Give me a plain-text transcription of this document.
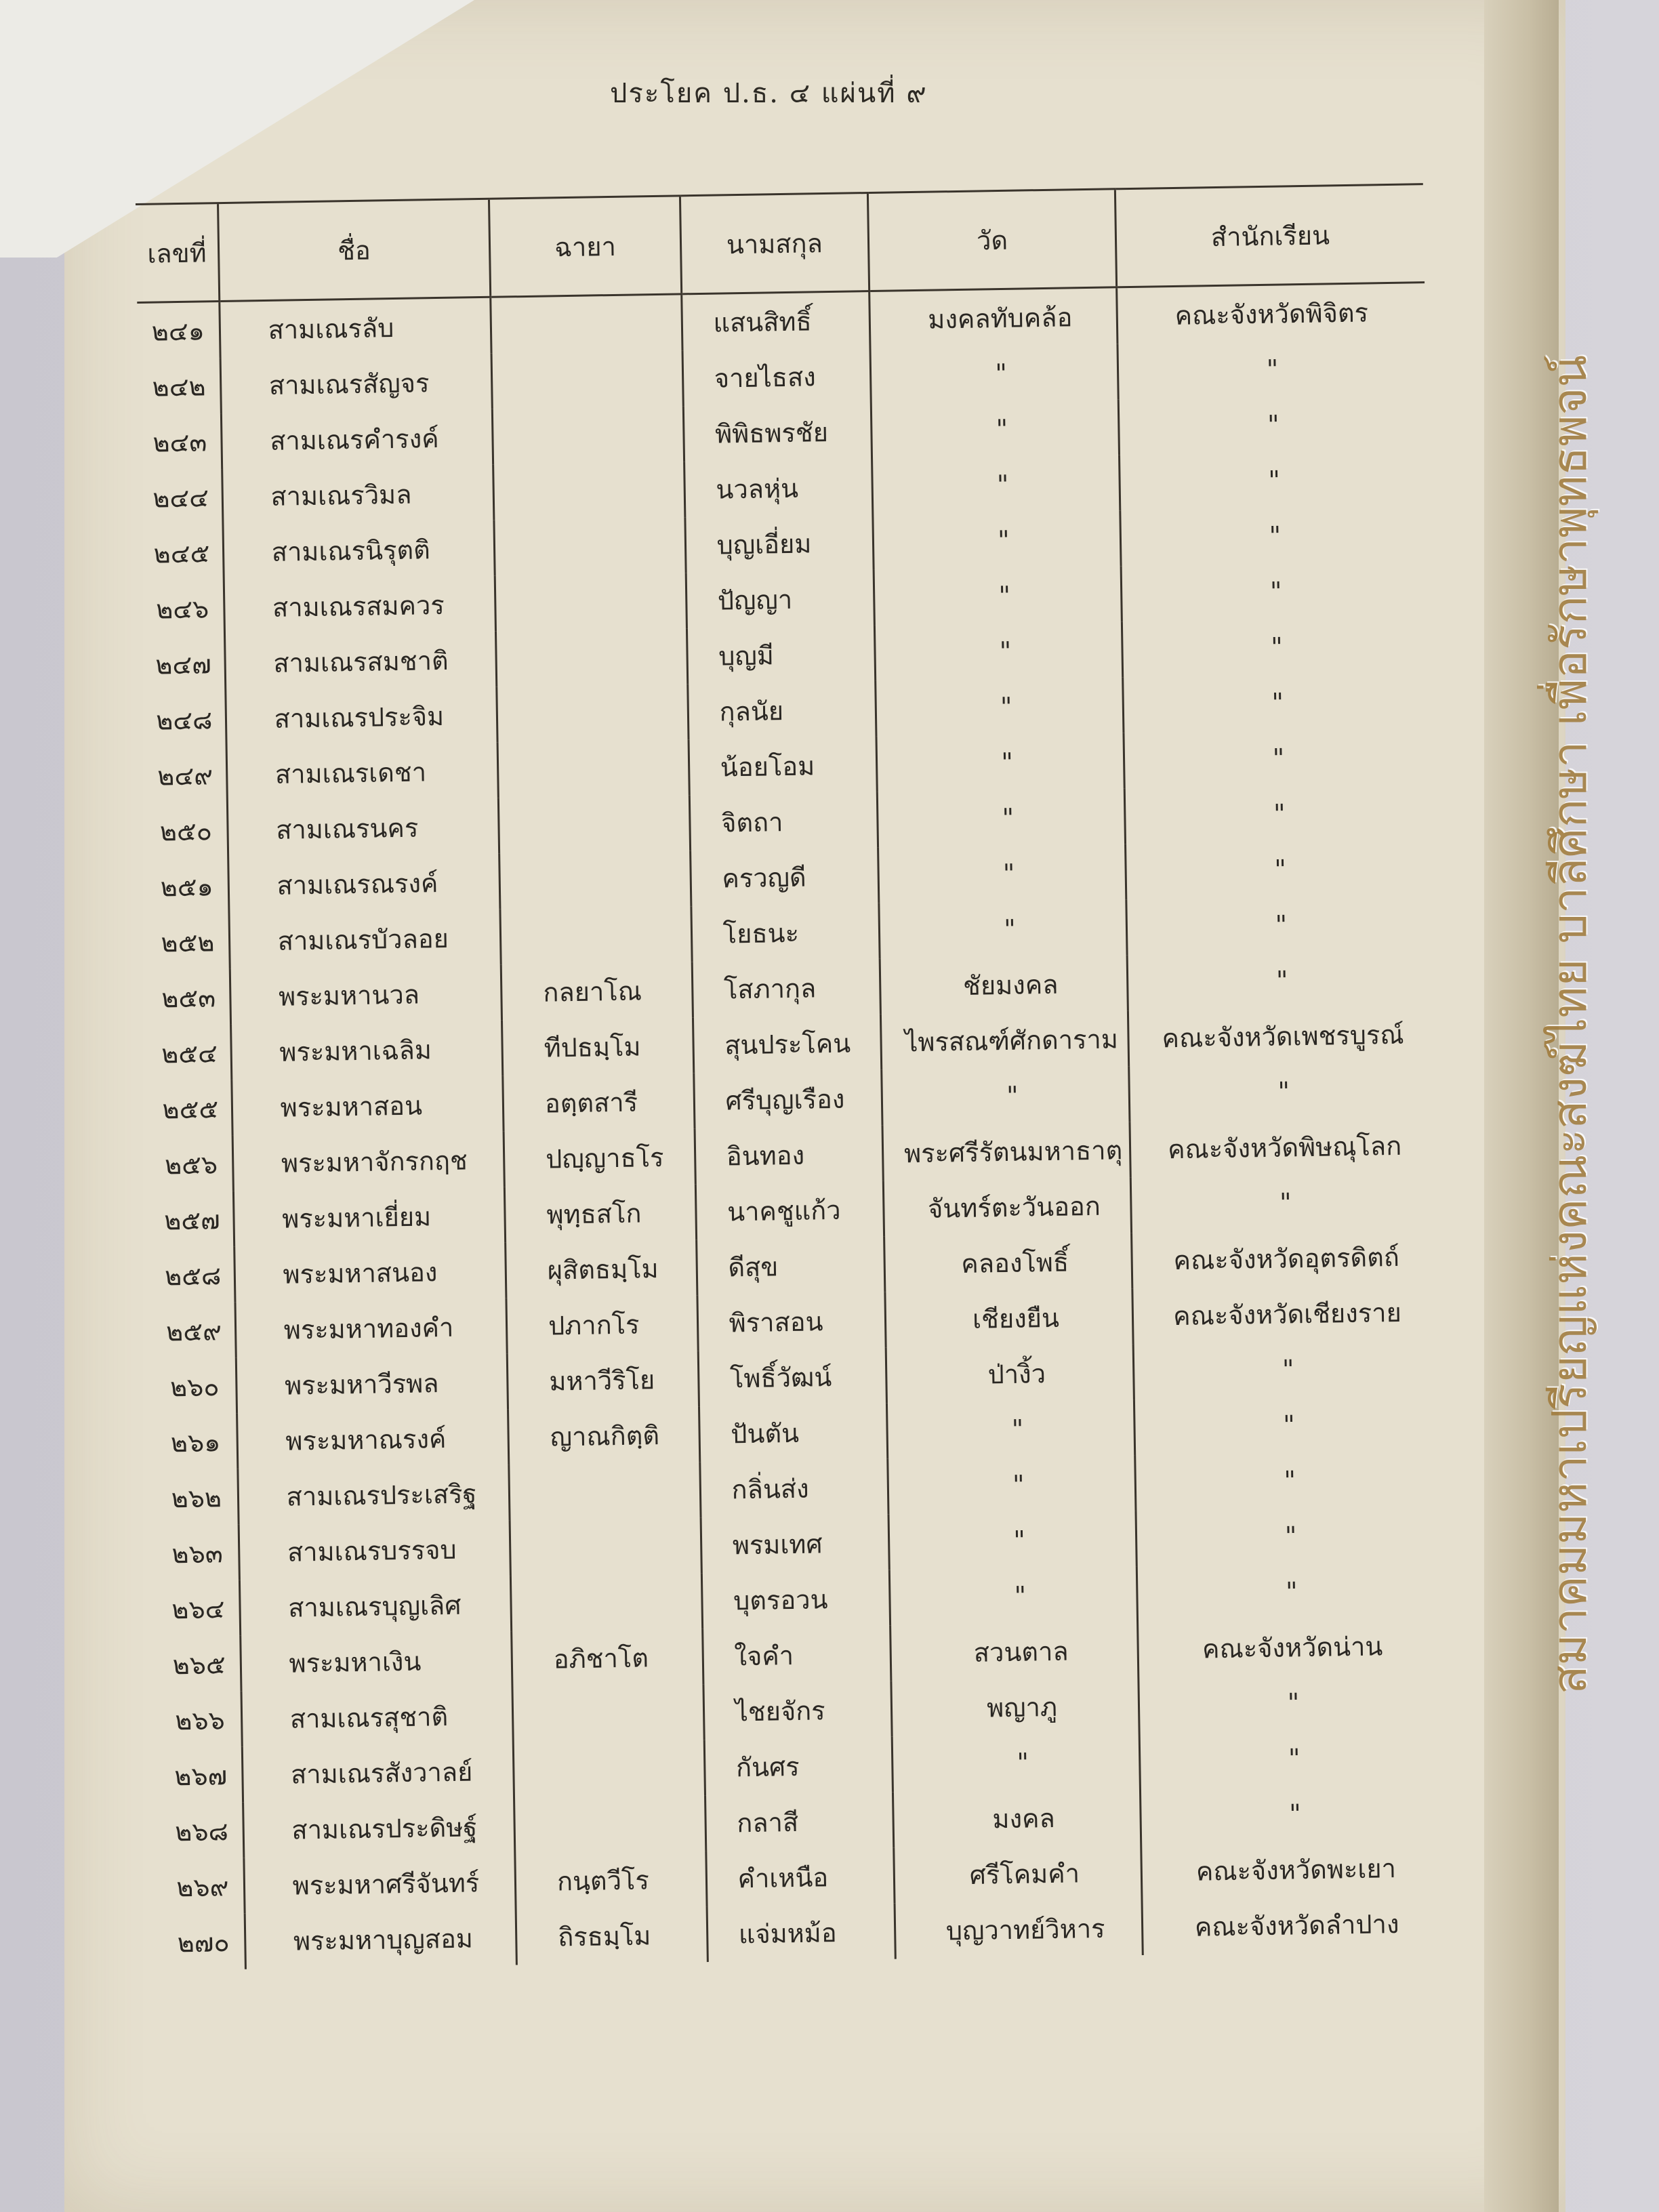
ประโยค ป.ธ. ๔ แผ่นที่ ๙
เลขที่	ชื่อ	ฉายา	นามสกุล	วัด	สำนักเรียน
๒๔๑	สามเณรลับ		แสนสิทธิ์	มงคลทับคล้อ	คณะจังหวัดพิจิตร
๒๔๒	สามเณรสัญจร		จายไธสง	"	"
๒๔๓	สามเณรคำรงค์		พิพิธพรชัย	"	"
๒๔๔	สามเณรวิมล		นวลหุ่น	"	"
๒๔๕	สามเณรนิรุตติ		บุญเอี่ยม	"	"
๒๔๖	สามเณรสมควร		ปัญญา	"	"
๒๔๗	สามเณรสมชาติ		บุญมี	"	"
๒๔๘	สามเณรประจิม		กุลนัย	"	"
๒๔๙	สามเณรเดชา		น้อยโอม	"	"
๒๕๐	สามเณรนคร		จิตถา	"	"
๒๕๑	สามเณรณรงค์		ครวญดี	"	"
๒๕๒	สามเณรบัวลอย		โยธนะ	"	"
๒๕๓	พระมหานวล	กลยาโณ	โสภากุล	ชัยมงคล	"
๒๕๔	พระมหาเฉลิม	ทีปธมฺโม	สุนประโคน	ไพรสณฑ์ศักดาราม	คณะจังหวัดเพชรบูรณ์
๒๕๕	พระมหาสอน	อตฺตสารี	ศรีบุญเรือง	"	"
๒๕๖	พระมหาจักรกฤช	ปญฺญาธโร	อินทอง	พระศรีรัตนมหาธาตุ	คณะจังหวัดพิษณุโลก
๒๕๗	พระมหาเยี่ยม	พุทฺธสโก	นาคชูแก้ว	จันทร์ตะวันออก	"
๒๕๘	พระมหาสนอง	ผุสิตธมฺโม	ดีสุข	คลองโพธิ์	คณะจังหวัดอุตรดิตถ์
๒๕๙	พระมหาทองคำ	ปภากโร	พิราสอน	เชียงยืน	คณะจังหวัดเชียงราย
๒๖๐	พระมหาวีรพล	มหาวีริโย	โพธิ์วัฒน์	ป่างิ้ว	"
๒๖๑	พระมหาณรงค์	ญาณกิตฺติ	ปันตัน	"	"
๒๖๒	สามเณรประเสริฐ		กลิ่นส่ง	"	"
๒๖๓	สามเณรบรรจบ		พรมเทศ	"	"
๒๖๔	สามเณรบุญเลิศ		บุตรอวน	"	"
๒๖๕	พระมหาเงิน	อภิชาโต	ใจคำ	สวนตาล	คณะจังหวัดน่าน
๒๖๖	สามเณรสุชาติ		ไชยจักร	พญาภู	"
๒๖๗	สามเณรสังวาลย์		กันศร	"	"
๒๖๘	สามเณรประดิษฐ์		กลาสี	มงคล	"
๒๖๙	พระมหาศรีจันทร์	กนฺตวีโร	คำเหนือ	ศรีโคมคำ	คณะจังหวัดพะเยา
๒๗๐	พระมหาบุญสอม	ถิรธมฺโม	แจ่มหม้อ	บุญวาทย์วิหาร	คณะจังหวัดลำปาง
สมาคมมหาเปรียญแห่งคณะสงฆ์ไทย บาลีศึกษา เพื่อรักษาพุทธพจน์
